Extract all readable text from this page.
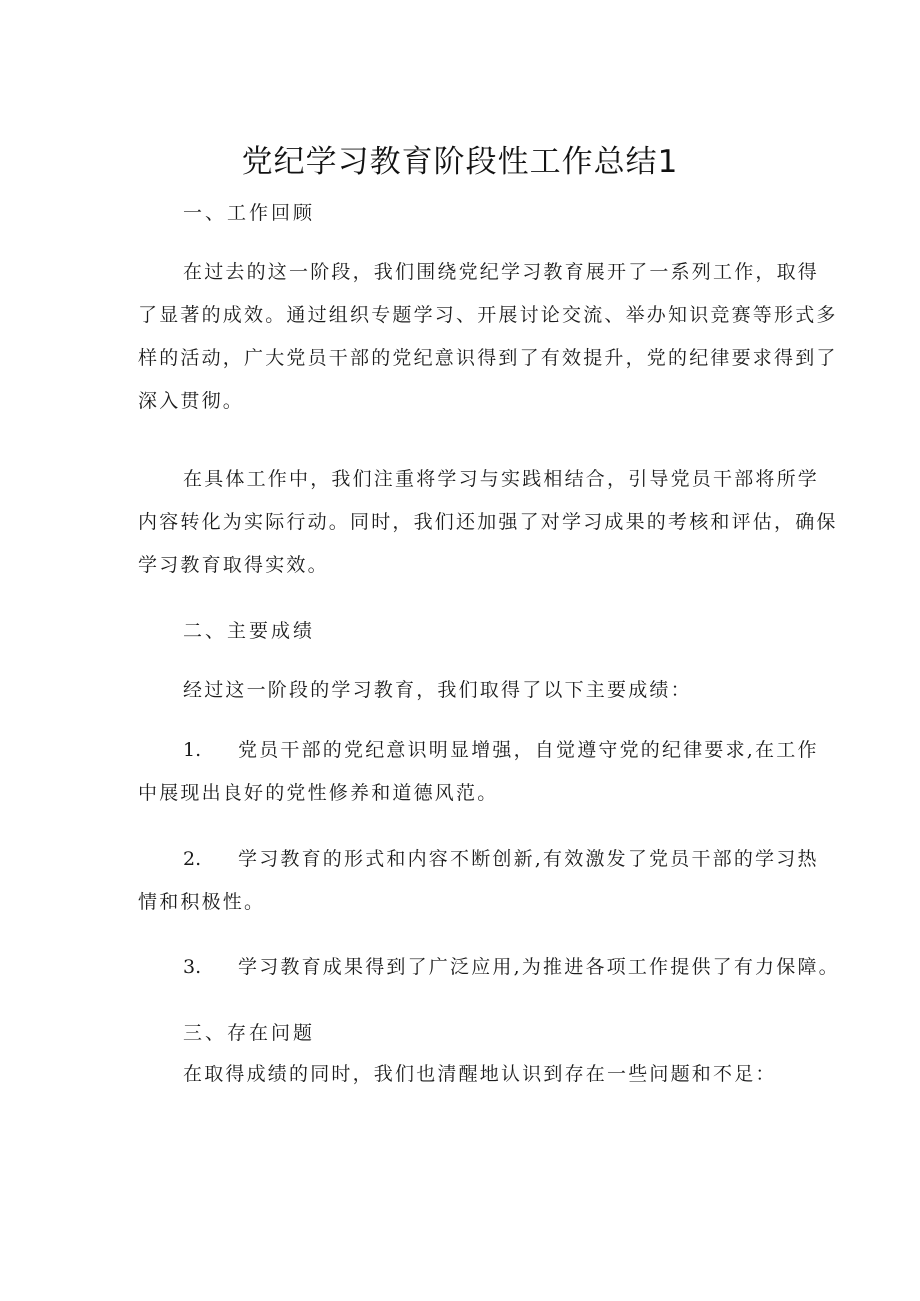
党纪学习教育阶段性工作总结1
一、工作回顾
在过去的这一阶段，我们围绕党纪学习教育展开了一系列工作，取得
了显著的成效。通过组织专题学习、开展讨论交流、举办知识竞赛等形式多
样的活动，广大党员干部的党纪意识得到了有效提升，党的纪律要求得到了
深入贯彻。
在具体工作中，我们注重将学习与实践相结合，引导党员干部将所学
内容转化为实际行动。同时，我们还加强了对学习成果的考核和评估，确保
学习教育取得实效。
二、主要成绩
经过这一阶段的学习教育，我们取得了以下主要成绩：
1. 党员干部的党纪意识明显增强，自觉遵守党的纪律要求,在工作
中展现出良好的党性修养和道德风范。
2. 学习教育的形式和内容不断创新,有效激发了党员干部的学习热
情和积极性。
3. 学习教育成果得到了广泛应用,为推进各项工作提供了有力保障。
三、存在问题
在取得成绩的同时，我们也清醒地认识到存在一些问题和不足：
